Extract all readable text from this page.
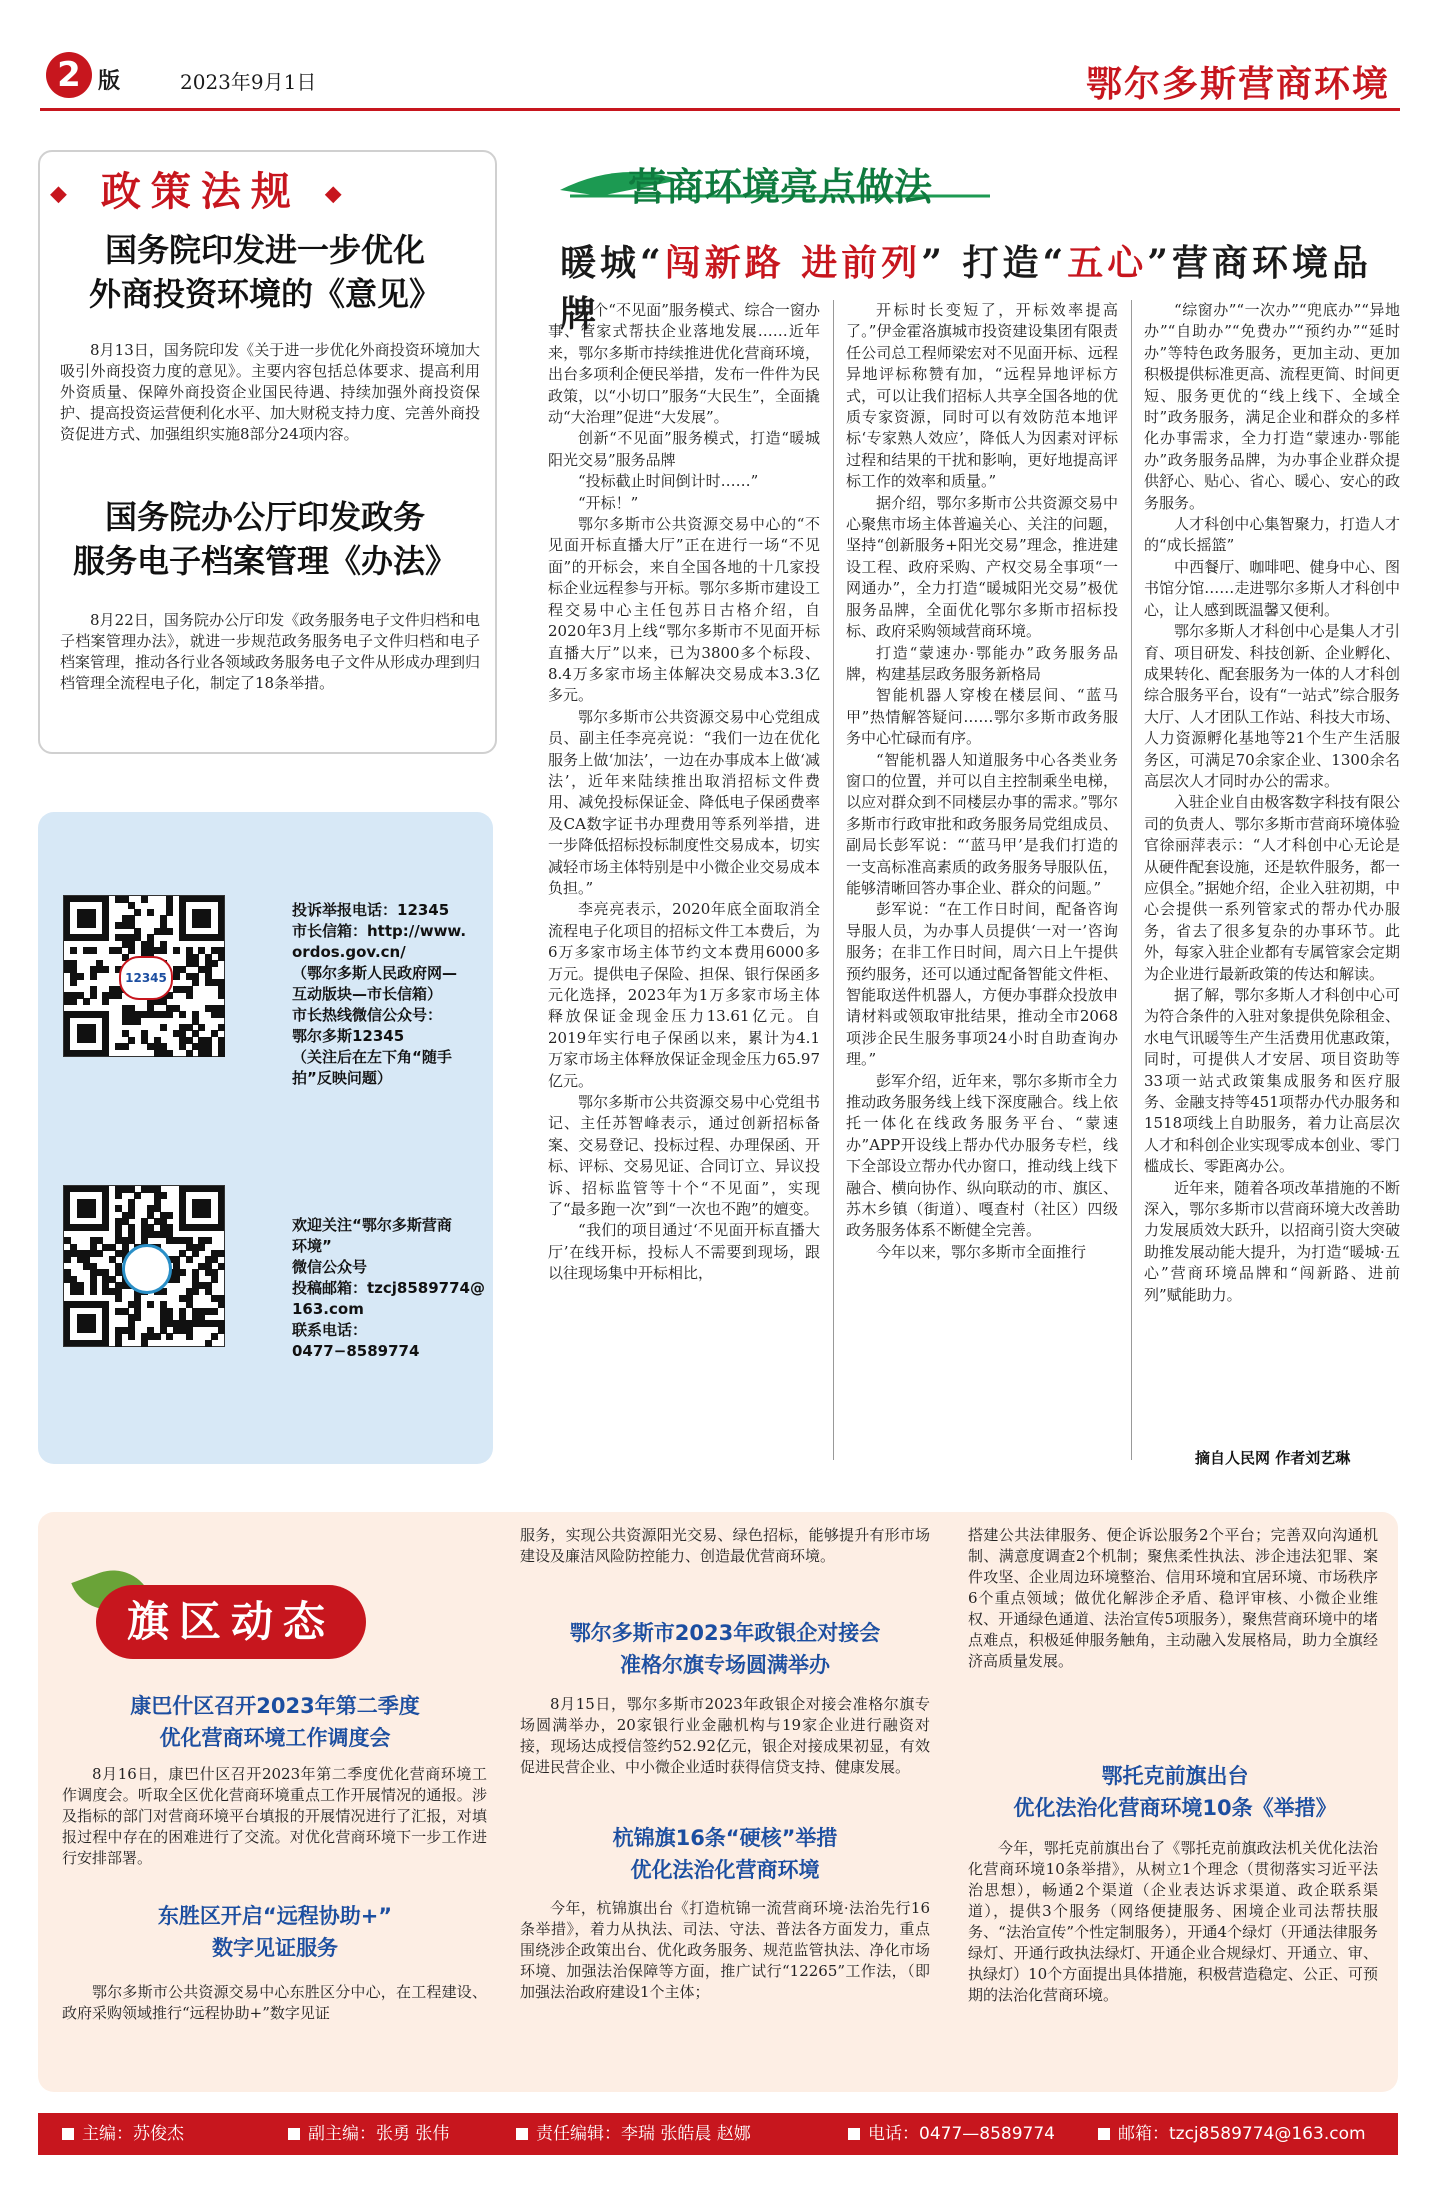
2 版	2023年9月1日	鄂尔多斯营商环境
◆ 政策法规 ◆
国务院印发进一步优化
外商投资环境的《意见》

8月13日，国务院印发《关于进一步优化外商投资环境加大吸引外商投资力度的意见》。主要内容包括总体要求、提高利用外资质量、保障外商投资企业国民待遇、持续加强外商投资保护、提高投资运营便利化水平、加大财税支持力度、完善外商投资促进方式、加强组织实施8部分24项内容。

国务院办公厅印发政务
服务电子档案管理《办法》

8月22日，国务院办公厅印发《政务服务电子文件归档和电子档案管理办法》，就进一步规范政务服务电子文件归档和电子档案管理，推动各行业各领域政务服务电子文件从形成办理到归档管理全流程电子化，制定了18条举措。

12345
投诉举报电话：12345
市长信箱：http://www.
ordos.gov.cn/
（鄂尔多斯人民政府网—
互动版块—市长信箱）
市长热线微信公众号：
鄂尔多斯12345
（关注后在左下角“随手
拍”反映问题）
欢迎关注“鄂尔多斯营商
环境”
微信公众号
投稿邮箱：tzcj8589774@
163.com
联系电话：0477−8589774
营商环境亮点做法
暖城“闯新路 进前列” 打造“五心”营商环境品牌

十个“不见面”服务模式、综合一窗办事、管家式帮扶企业落地发展……近年来，鄂尔多斯市持续推进优化营商环境，出台多项利企便民举措，发布一件件为民政策，以“小切口”服务“大民生”，全面撬动“大治理”促进“大发展”。

创新“不见面”服务模式，打造“暖城阳光交易”服务品牌

“投标截止时间倒计时……”

“开标！”

鄂尔多斯市公共资源交易中心的“不见面开标直播大厅”正在进行一场“不见面”的开标会，来自全国各地的十几家投标企业远程参与开标。鄂尔多斯市建设工程交易中心主任包苏日古格介绍，自2020年3月上线“鄂尔多斯市不见面开标直播大厅”以来，已为3800多个标段、8.4万多家市场主体解决交易成本3.3亿多元。

鄂尔多斯市公共资源交易中心党组成员、副主任李亮亮说：“我们一边在优化服务上做‘加法’，一边在办事成本上做‘减法’，近年来陆续推出取消招标文件费用、减免投标保证金、降低电子保函费率及CA数字证书办理费用等系列举措，进一步降低招标投标制度性交易成本，切实减轻市场主体特别是中小微企业交易成本负担。”

李亮亮表示，2020年底全面取消全流程电子化项目的招标文件工本费后，为6万多家市场主体节约文本费用6000多万元。提供电子保险、担保、银行保函多元化选择，2023年为1万多家市场主体释放保证金现金压力13.61亿元。自2019年实行电子保函以来，累计为4.1万家市场主体释放保证金现金压力65.97亿元。

鄂尔多斯市公共资源交易中心党组书记、主任苏智峰表示，通过创新招标备案、交易登记、投标过程、办理保函、开标、评标、交易见证、合同订立、异议投诉、招标监管等十个“不见面”，实现了“最多跑一次”到“一次也不跑”的嬗变。

“我们的项目通过‘不见面开标直播大厅’在线开标，投标人不需要到现场，跟以往现场集中开标相比，

开标时长变短了，开标效率提高了。”伊金霍洛旗城市投资建设集团有限责任公司总工程师梁宏对不见面开标、远程异地评标称赞有加，“远程异地评标方式，可以让我们招标人共享全国各地的优质专家资源，同时可以有效防范本地评标‘专家熟人效应’，降低人为因素对评标过程和结果的干扰和影响，更好地提高评标工作的效率和质量。”

据介绍，鄂尔多斯市公共资源交易中心聚焦市场主体普遍关心、关注的问题，坚持“创新服务+阳光交易”理念，推进建设工程、政府采购、产权交易全事项“一网通办”，全力打造“暖城阳光交易”极优服务品牌，全面优化鄂尔多斯市招标投标、政府采购领域营商环境。

打造“蒙速办·鄂能办”政务服务品牌，构建基层政务服务新格局

智能机器人穿梭在楼层间、“蓝马甲”热情解答疑问……鄂尔多斯市政务服务中心忙碌而有序。

“智能机器人知道服务中心各类业务窗口的位置，并可以自主控制乘坐电梯，以应对群众到不同楼层办事的需求。”鄂尔多斯市行政审批和政务服务局党组成员、副局长彭军说：“‘蓝马甲’是我们打造的一支高标准高素质的政务服务导服队伍，能够清晰回答办事企业、群众的问题。”

彭军说：“在工作日时间，配备咨询导服人员，为办事人员提供‘一对一’咨询服务；在非工作日时间，周六日上午提供预约服务，还可以通过配备智能文件柜、智能取送件机器人，方便办事群众投放申请材料或领取审批结果，推动全市2068项涉企民生服务事项24小时自助查询办理。”

彭军介绍，近年来，鄂尔多斯市全力推动政务服务线上线下深度融合。线上依托一体化在线政务服务平台、“蒙速办”APP开设线上帮办代办服务专栏，线下全部设立帮办代办窗口，推动线上线下融合、横向协作、纵向联动的市、旗区、苏木乡镇（街道）、嘎查村（社区）四级政务服务体系不断健全完善。

今年以来，鄂尔多斯市全面推行

“综窗办”“一次办”“兜底办”“异地办”“自助办”“免费办”“预约办”“延时办”等特色政务服务，更加主动、更加积极提供标准更高、流程更简、时间更短、服务更优的“线上线下、全域全时”政务服务，满足企业和群众的多样化办事需求，全力打造“蒙速办·鄂能办”政务服务品牌，为办事企业群众提供舒心、贴心、省心、暖心、安心的政务服务。

人才科创中心集智聚力，打造人才的“成长摇篮”

中西餐厅、咖啡吧、健身中心、图书馆分馆……走进鄂尔多斯人才科创中心，让人感到既温馨又便利。

鄂尔多斯人才科创中心是集人才引育、项目研发、科技创新、企业孵化、成果转化、配套服务为一体的人才科创综合服务平台，设有“一站式”综合服务大厅、人才团队工作站、科技大市场、人力资源孵化基地等21个生产生活服务区，可满足70余家企业、1300余名高层次人才同时办公的需求。

入驻企业自由极客数字科技有限公司的负责人、鄂尔多斯市营商环境体验官徐丽萍表示：“人才科创中心无论是从硬件配套设施，还是软件服务，都一应俱全。”据她介绍，企业入驻初期，中心会提供一系列管家式的帮办代办服务，省去了很多复杂的办事环节。此外，每家入驻企业都有专属管家会定期为企业进行最新政策的传达和解读。

据了解，鄂尔多斯人才科创中心可为符合条件的入驻对象提供免除租金、水电气讯暖等生产生活费用优惠政策，同时，可提供人才安居、项目资助等33项一站式政策集成服务和医疗服务、金融支持等451项帮办代办服务和1518项线上自助服务，着力让高层次人才和科创企业实现零成本创业、零门槛成长、零距离办公。

近年来，随着各项改革措施的不断深入，鄂尔多斯市以营商环境大改善助力发展质效大跃升，以招商引资大突破助推发展动能大提升，为打造“暖城·五心”营商环境品牌和“闯新路、进前列”赋能助力。

摘自人民网 作者刘艺琳
旗区动态
康巴什区召开2023年第二季度
优化营商环境工作调度会

8月16日，康巴什区召开2023年第二季度优化营商环境工作调度会。听取全区优化营商环境重点工作开展情况的通报。涉及指标的部门对营商环境平台填报的开展情况进行了汇报，对填报过程中存在的困难进行了交流。对优化营商环境下一步工作进行安排部署。

东胜区开启“远程协助+”
数字见证服务

鄂尔多斯市公共资源交易中心东胜区分中心，在工程建设、政府采购领域推行“远程协助+”数字见证

服务，实现公共资源阳光交易、绿色招标，能够提升有形市场建设及廉洁风险防控能力、创造最优营商环境。

鄂尔多斯市2023年政银企对接会
准格尔旗专场圆满举办

8月15日，鄂尔多斯市2023年政银企对接会准格尔旗专场圆满举办，20家银行业金融机构与19家企业进行融资对接，现场达成授信签约52.92亿元，银企对接成果初显，有效促进民营企业、中小微企业适时获得信贷支持、健康发展。

杭锦旗16条“硬核”举措
优化法治化营商环境

今年，杭锦旗出台《打造杭锦一流营商环境·法治先行16条举措》，着力从执法、司法、守法、普法各方面发力，重点围绕涉企政策出台、优化政务服务、规范监管执法、净化市场环境、加强法治保障等方面，推广试行“12265”工作法，（即加强法治政府建设1个主体；

搭建公共法律服务、便企诉讼服务2个平台；完善双向沟通机制、满意度调查2个机制；聚焦柔性执法、涉企违法犯罪、案件攻坚、企业周边环境整治、信用环境和宜居环境、市场秩序6个重点领域；做优化解涉企矛盾、稳评审核、小微企业维权、开通绿色通道、法治宣传5项服务），聚焦营商环境中的堵点难点，积极延伸服务触角，主动融入发展格局，助力全旗经济高质量发展。

鄂托克前旗出台
优化法治化营商环境10条《举措》

今年，鄂托克前旗出台了《鄂托克前旗政法机关优化法治化营商环境10条举措》，从树立1个理念（贯彻落实习近平法治思想），畅通2个渠道（企业表达诉求渠道、政企联系渠道），提供3个服务（网络便捷服务、困境企业司法帮扶服务、“法治宣传”个性定制服务），开通4个绿灯（开通法律服务绿灯、开通行政执法绿灯、开通企业合规绿灯、开通立、审、执绿灯）10个方面提出具体措施，积极营造稳定、公正、可预期的法治化营商环境。

主编：苏俊杰	副主编：张勇 张伟	责任编辑：李瑞 张皓晨 赵娜	电话：0477—8589774	邮箱：tzcj8589774@163.com
